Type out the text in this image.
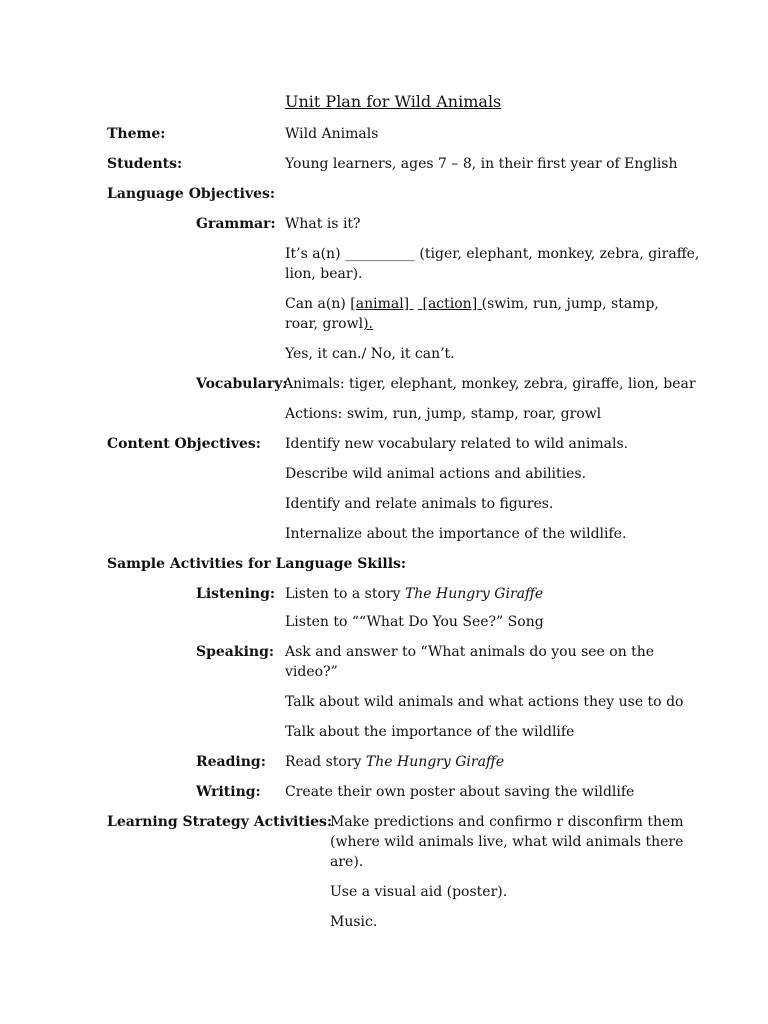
Unit Plan for Wild Animals
Theme:	Wild Animals
Students:	Young learners, ages 7 – 8, in their first year of English
Language Objectives:
Grammar: What is it?
It’s a(n) __________ (tiger, elephant, monkey, zebra, giraffe,
lion, bear).
Can a(n) [animal]   [action] (swim, run, jump, stamp,
roar, growl).
Yes, it can./ No, it can’t.
Vocabulary:
Animals: tiger, elephant, monkey, zebra, giraffe, lion, bear
Actions: swim, run, jump, stamp, roar, growl
Content Objectives: Identify new vocabulary related to wild animals.
Describe wild animal actions and abilities.
Identify and relate animals to figures.
Internalize about the importance of the wildlife.
Sample Activities for Language Skills:
Listening: Listen to a story The Hungry Giraffe
Listen to ““What Do You See?” Song
Speaking: Ask and answer to “What animals do you see on the
video?”
Talk about wild animals and what actions they use to do
Talk about the importance of the wildlife
Reading: Read story The Hungry Giraffe
Writing: Create their own poster about saving the wildlife
Learning Strategy Activities:
Make predictions and confirmo r disconfirm them
(where wild animals live, what wild animals there
are).
Use a visual aid (poster).
Music.
